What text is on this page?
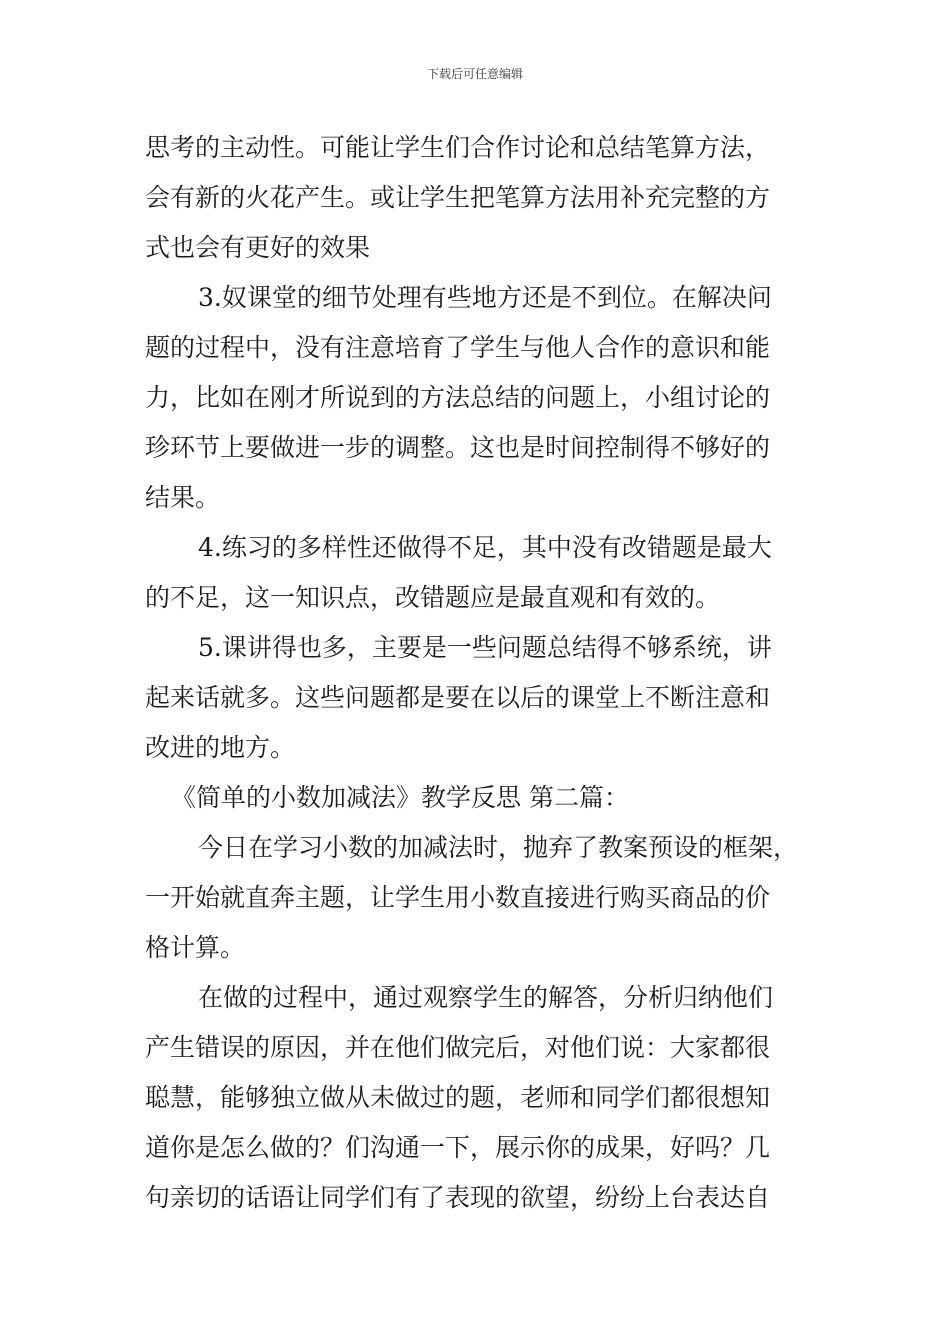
下载后可任意编辑
思考的主动性。可能让学生们合作讨论和总结笔算方法，
会有新的火花产生。或让学生把笔算方法用补充完整的方
式也会有更好的效果
3.奴课堂的细节处理有些地方还是不到位。在解决问
题的过程中，没有注意培育了学生与他人合作的意识和能
力，比如在刚才所说到的方法总结的问题上，小组讨论的
珍环节上要做进一步的调整。这也是时间控制得不够好的
结果。
4.练习的多样性还做得不足，其中没有改错题是最大
的不足，这一知识点，改错题应是最直观和有效的。
5.课讲得也多，主要是一些问题总结得不够系统，讲
起来话就多。这些问题都是要在以后的课堂上不断注意和
改进的地方。
《简单的小数加减法》教学反思 第二篇：
今日在学习小数的加减法时，抛弃了教案预设的框架，
一开始就直奔主题，让学生用小数直接进行购买商品的价
格计算。
在做的过程中，通过观察学生的解答，分析归纳他们
产生错误的原因，并在他们做完后，对他们说：大家都很
聪慧，能够独立做从未做过的题，老师和同学们都很想知
道你是怎么做的？们沟通一下，展示你的成果，好吗？几
句亲切的话语让同学们有了表现的欲望，纷纷上台表达自
